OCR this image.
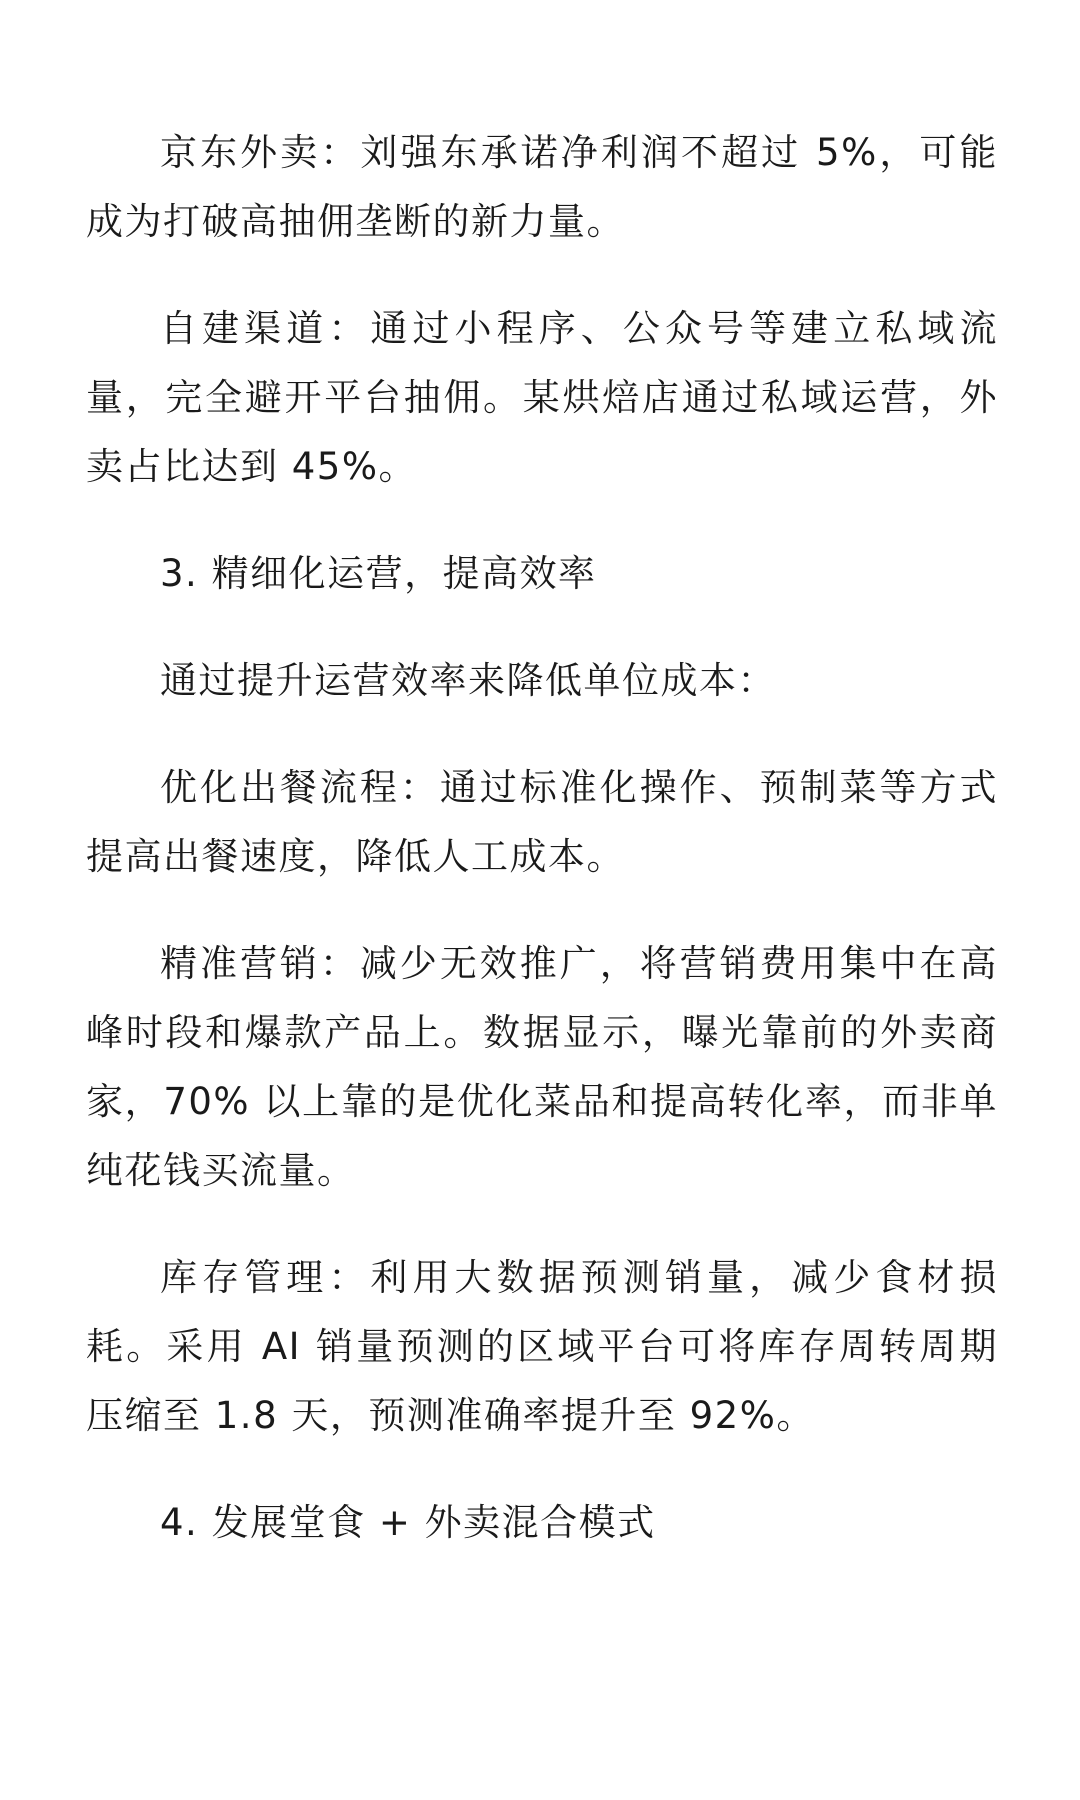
京东外卖：刘强东承诺净利润不超过 5%，可能成为打破高抽佣垄断的新力量。

自建渠道：通过小程序、公众号等建立私域流量，完全避开平台抽佣。某烘焙店通过私域运营，外卖占比达到 45%。

3. 精细化运营，提高效率

通过提升运营效率来降低单位成本：

优化出餐流程：通过标准化操作、预制菜等方式提高出餐速度，降低人工成本。

精准营销：减少无效推广，将营销费用集中在高峰时段和爆款产品上。数据显示，曝光靠前的外卖商家，70% 以上靠的是优化菜品和提高转化率，而非单纯花钱买流量。

库存管理：利用大数据预测销量，减少食材损耗。采用 AI 销量预测的区域平台可将库存周转周期压缩至 1.8 天，预测准确率提升至 92%。

4. 发展堂食 + 外卖混合模式
